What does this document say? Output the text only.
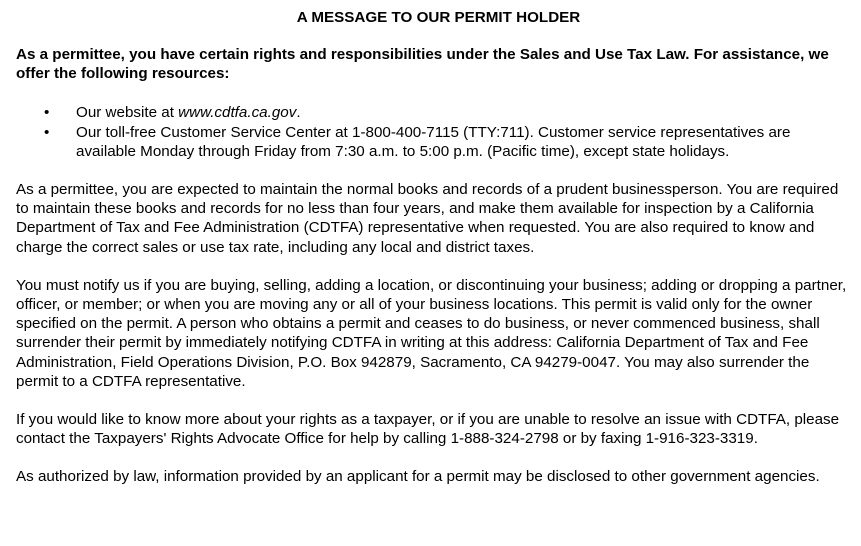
A MESSAGE TO OUR PERMIT HOLDER

As a permittee, you have certain rights and responsibilities under the Sales and Use Tax Law. For assistance, we offer the following resources:

• Our website at www.cdtfa.ca.gov.
• Our toll-free Customer Service Center at 1-800-400-7115 (TTY:711). Customer service representatives are available Monday through Friday from 7:30 a.m. to 5:00 p.m. (Pacific time), except state holidays.

As a permittee, you are expected to maintain the normal books and records of a prudent businessperson. You are required to maintain these books and records for no less than four years, and make them available for inspection by a California Department of Tax and Fee Administration (CDTFA) representative when requested. You are also required to know and charge the correct sales or use tax rate, including any local and district taxes.

You must notify us if you are buying, selling, adding a location, or discontinuing your business; adding or dropping a partner, officer, or member; or when you are moving any or all of your business locations. This permit is valid only for the owner specified on the permit. A person who obtains a permit and ceases to do business, or never commenced business, shall surrender their permit by immediately notifying CDTFA in writing at this address: California Department of Tax and Fee Administration, Field Operations Division, P.O. Box 942879, Sacramento, CA 94279-0047. You may also surrender the permit to a CDTFA representative.

If you would like to know more about your rights as a taxpayer, or if you are unable to resolve an issue with CDTFA, please contact the Taxpayers' Rights Advocate Office for help by calling 1-888-324-2798 or by faxing 1-916-323-3319.

As authorized by law, information provided by an applicant for a permit may be disclosed to other government agencies.
